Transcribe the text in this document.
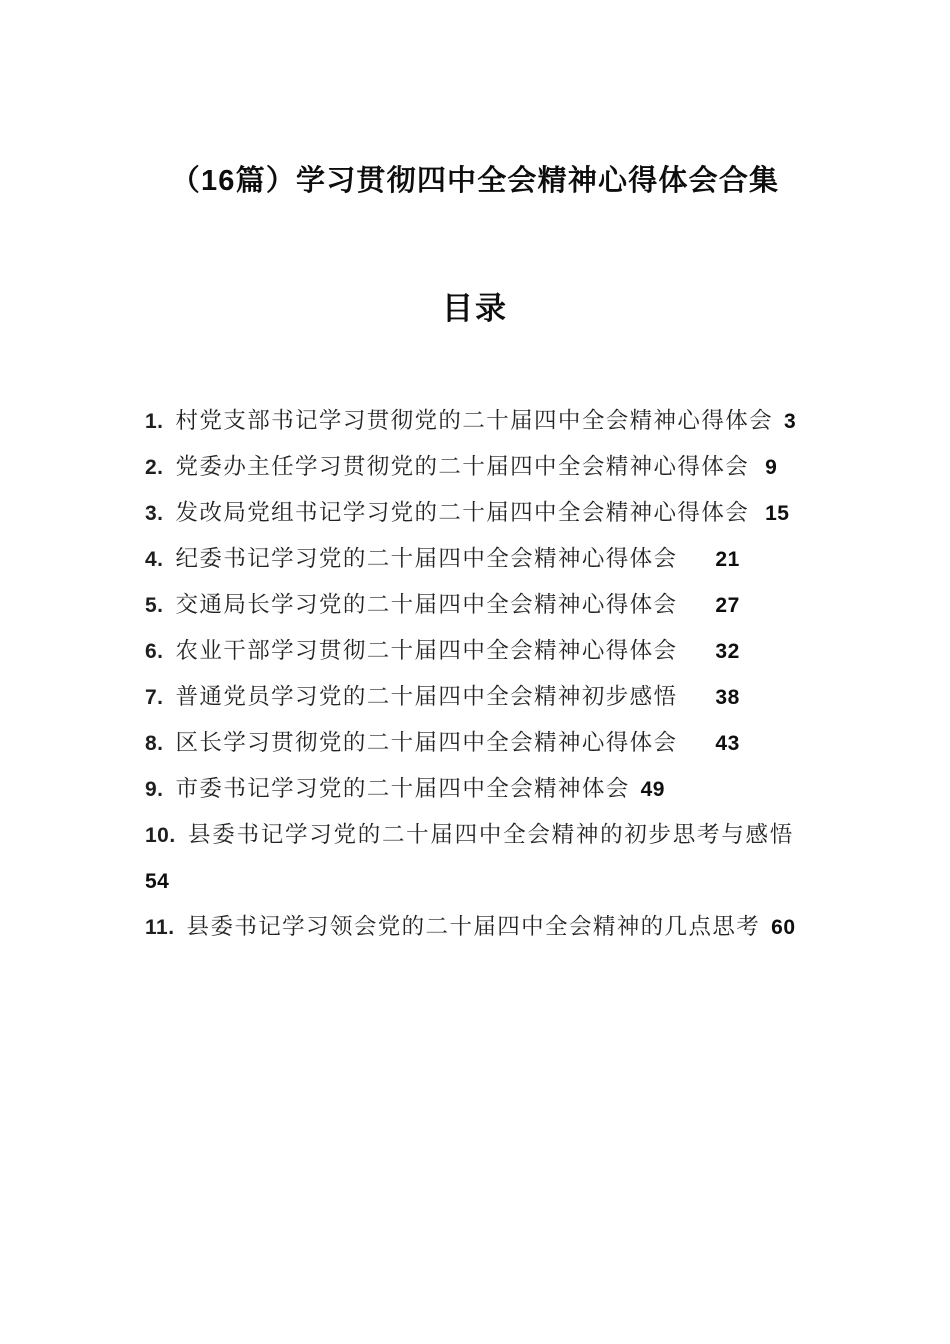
（16篇）学习贯彻四中全会精神心得体会合集
目录
1. 村党支部书记学习贯彻党的二十届四中全会精神心得体会 3
2. 党委办主任学习贯彻党的二十届四中全会精神心得体会 9
3. 发改局党组书记学习党的二十届四中全会精神心得体会 15
4. 纪委书记学习党的二十届四中全会精神心得体会 21
5. 交通局长学习党的二十届四中全会精神心得体会 27
6. 农业干部学习贯彻二十届四中全会精神心得体会 32
7. 普通党员学习党的二十届四中全会精神初步感悟 38
8. 区长学习贯彻党的二十届四中全会精神心得体会 43
9. 市委书记学习党的二十届四中全会精神体会 49
10. 县委书记学习党的二十届四中全会精神的初步思考与感悟54
11. 县委书记学习领会党的二十届四中全会精神的几点思考 60
